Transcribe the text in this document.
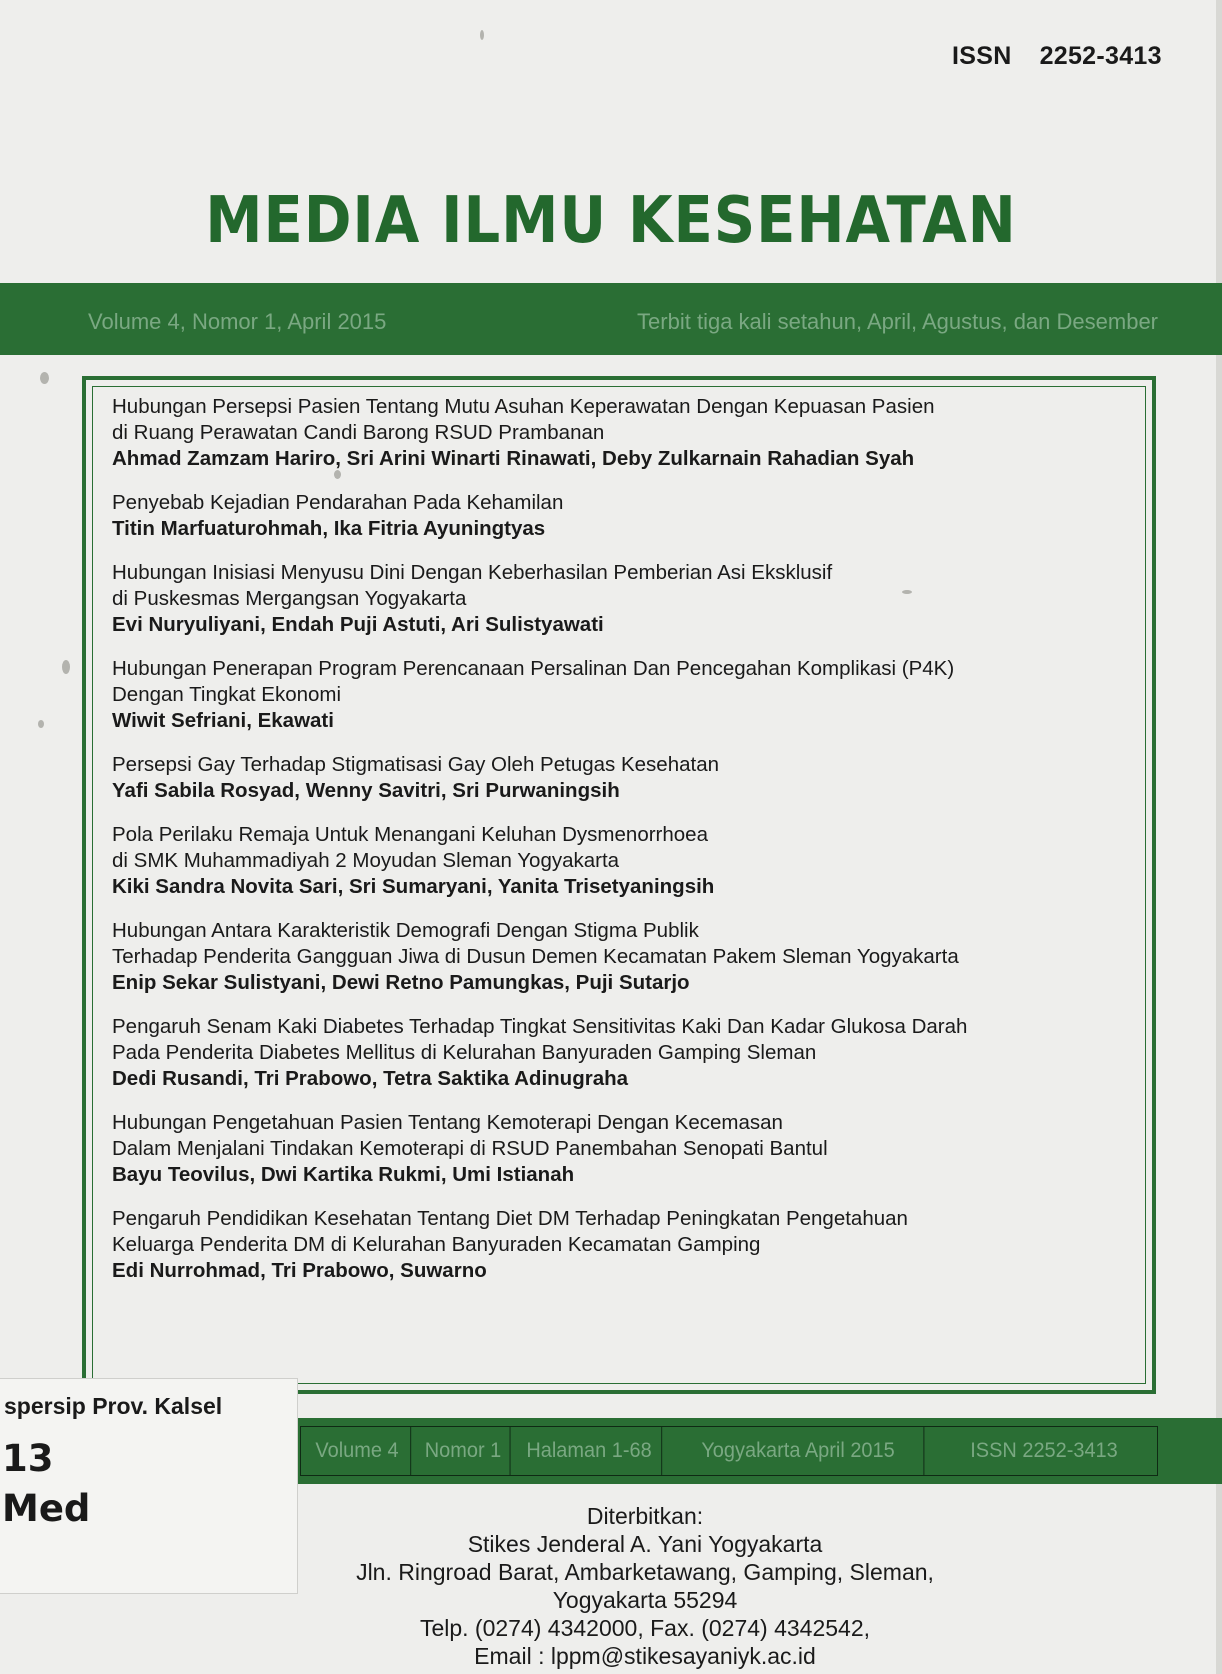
ISSN 2252-3413
MEDIA ILMU KESEHATAN
Volume 4, Nomor 1, April 2015	Terbit tiga kali setahun, April, Agustus, dan Desember
Hubungan Persepsi Pasien Tentang Mutu Asuhan Keperawatan Dengan Kepuasan Pasien
di Ruang Perawatan Candi Barong RSUD Prambanan
Ahmad Zamzam Hariro, Sri Arini Winarti Rinawati, Deby Zulkarnain Rahadian Syah
Penyebab Kejadian Pendarahan Pada Kehamilan
Titin Marfuaturohmah, Ika Fitria Ayuningtyas
Hubungan Inisiasi Menyusu Dini Dengan Keberhasilan Pemberian Asi Eksklusif
di Puskesmas Mergangsan Yogyakarta
Evi Nuryuliyani, Endah Puji Astuti, Ari Sulistyawati
Hubungan Penerapan Program Perencanaan Persalinan Dan Pencegahan Komplikasi (P4K)
Dengan Tingkat Ekonomi
Wiwit Sefriani, Ekawati
Persepsi Gay Terhadap Stigmatisasi Gay Oleh Petugas Kesehatan
Yafi Sabila Rosyad, Wenny Savitri, Sri Purwaningsih
Pola Perilaku Remaja Untuk Menangani Keluhan Dysmenorrhoea
di SMK Muhammadiyah 2 Moyudan Sleman Yogyakarta
Kiki Sandra Novita Sari, Sri Sumaryani, Yanita Trisetyaningsih
Hubungan Antara Karakteristik Demografi Dengan Stigma Publik
Terhadap Penderita Gangguan Jiwa di Dusun Demen Kecamatan Pakem Sleman Yogyakarta
Enip Sekar Sulistyani, Dewi Retno Pamungkas, Puji Sutarjo
Pengaruh Senam Kaki Diabetes Terhadap Tingkat Sensitivitas Kaki Dan Kadar Glukosa Darah
Pada Penderita Diabetes Mellitus di Kelurahan Banyuraden Gamping Sleman
Dedi Rusandi, Tri Prabowo, Tetra Saktika Adinugraha
Hubungan Pengetahuan Pasien Tentang Kemoterapi Dengan Kecemasan
Dalam Menjalani Tindakan Kemoterapi di RSUD Panembahan Senopati Bantul
Bayu Teovilus, Dwi Kartika Rukmi, Umi Istianah
Pengaruh Pendidikan Kesehatan Tentang Diet DM Terhadap Peningkatan Pengetahuan
Keluarga Penderita DM di Kelurahan Banyuraden Kecamatan Gamping
Edi Nurrohmad, Tri Prabowo, Suwarno
Volume 4	Nomor 1	Halaman 1-68	Yogyakarta April 2015	ISSN 2252-3413
spersip Prov. Kalsel
13
Med	Diterbitkan:
Stikes Jenderal A. Yani Yogyakarta
Jln. Ringroad Barat, Ambarketawang, Gamping, Sleman,
Yogyakarta 55294
Telp. (0274) 4342000, Fax. (0274) 4342542,
Email : lppm@stikesayaniyk.ac.id
